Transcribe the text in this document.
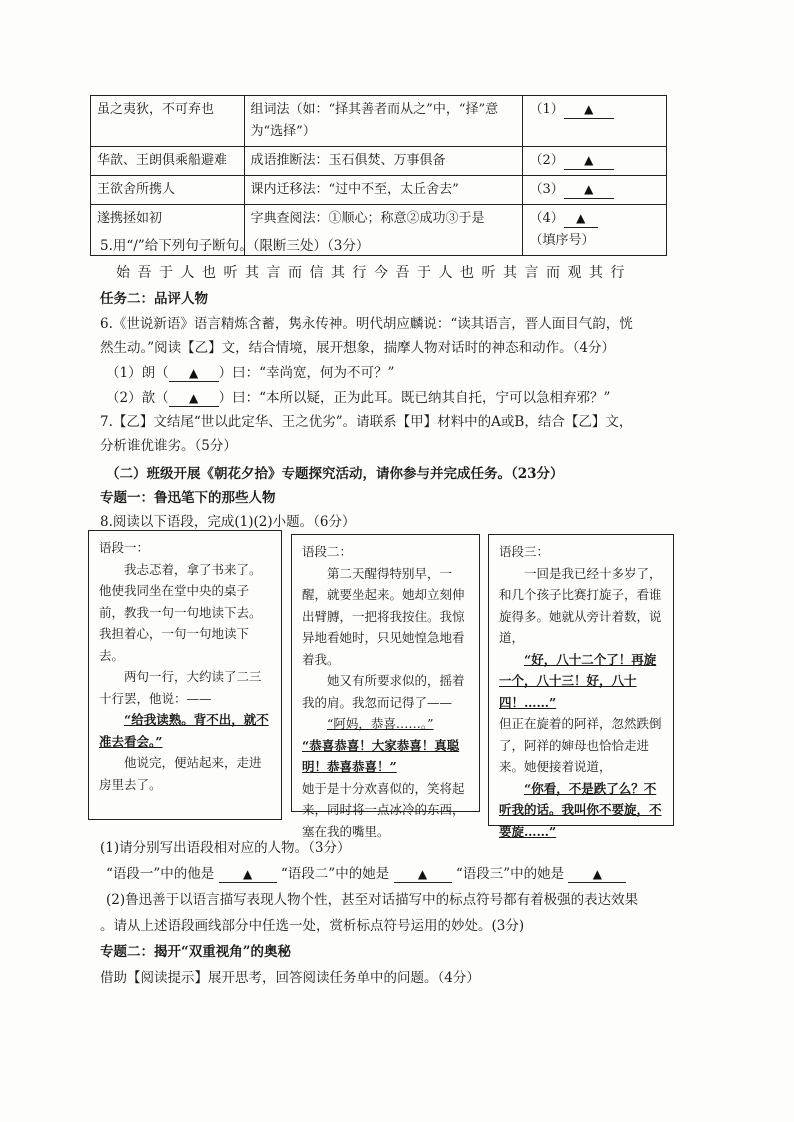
虽之夷狄，不可弃也	组词法（如：“择其善者而从之”中，“择”意为“选择”）	（1） ▲
华歆、王朗俱乘船避难	成语推断法：玉石俱焚、万事俱备	（2） ▲
王欲舍所携人	课内迁移法：“过中不至，太丘舍去”	（3） ▲
遂携拯如初	字典查阅法：①顺心；称意②成功③于是	（4） ▲（填序号）
5.用“/”给下列句子断句。（限断三处）（3分）
始吾于人也听其言而信其行今吾于人也听其言而观其行
任务二：品评人物
6.《世说新语》语言精炼含蓄，隽永传神。明代胡应麟说：“读其语言，晋人面目气韵，恍
然生动。”阅读【乙】文，结合情境，展开想象，揣摩人物对话时的神态和动作。（4分）
（1）朗（ ▲ ）曰：“幸尚宽，何为不可？”
（2）歆（ ▲ ）曰：“本所以疑，正为此耳。既已纳其自托，宁可以急相弃邪？”
7.【乙】文结尾“世以此定华、王之优劣”。请联系【甲】材料中的A或B，结合【乙】文，
分析谁优谁劣。（5分）
（二）班级开展《朝花夕拾》专题探究活动，请你参与并完成任务。（23分）
专题一：鲁迅笔下的那些人物
8.阅读以下语段，完成(1)(2)小题。（6分）
语段一：
我忐忑着，拿了书来了。他使我同坐在堂中央的桌子前，教我一句一句地读下去。我担着心，一句一句地读下去。
两句一行，大约读了二三十行罢，他说：——
“给我读熟。背不出，就不准去看会。”
他说完，便站起来，走进房里去了。
语段二：
第二天醒得特别早，一醒，就要坐起来。她却立刻伸出臂膊，一把将我按住。我惊异地看她时，只见她惶急地看着我。
她又有所要求似的，摇着我的肩。我忽而记得了——
“阿妈，恭喜……。”
“恭喜恭喜！大家恭喜！真聪明！恭喜恭喜！”
她于是十分欢喜似的，笑将起来，同时将一点冰冷的东西，塞在我的嘴里。
语段三：
一回是我已经十多岁了，和几个孩子比赛打旋子，看谁旋得多。她就从旁计着数，说道，
“好，八十二个了！再旋一个，八十三！好，八十四！……”
但正在旋着的阿祥，忽然跌倒了，阿祥的婶母也恰恰走进来。她便接着说道，
“你看，不是跌了么？不听我的话。我叫你不要旋，不要旋……”
(1)请分别写出语段相对应的人物。（3分）
“语段一”中的他是 ▲ “语段二”中的她是 ▲ “语段三”中的她是 ▲
(2)鲁迅善于以语言描写表现人物个性，甚至对话描写中的标点符号都有着极强的表达效果
。请从上述语段画线部分中任选一处，赏析标点符号运用的妙处。(3分)
专题二：揭开“双重视角”的奥秘
借助【阅读提示】展开思考，回答阅读任务单中的问题。（4分）
